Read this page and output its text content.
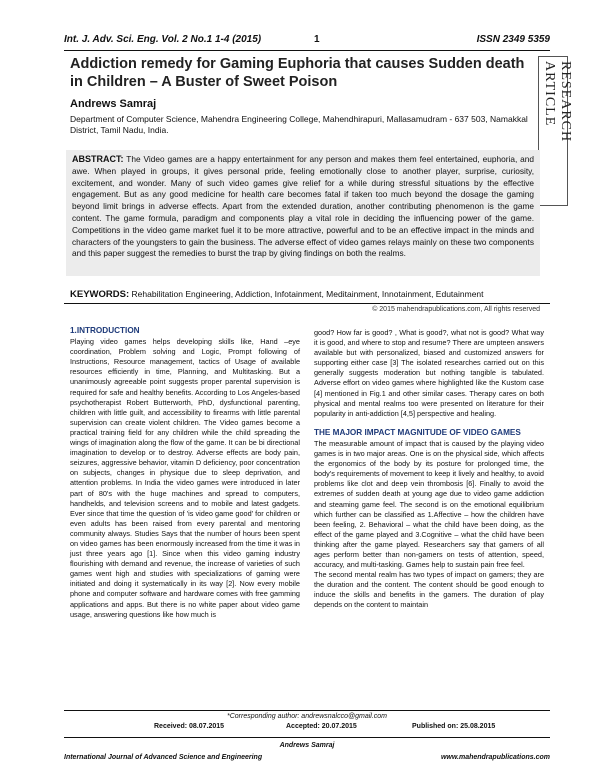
Int. J. Adv. Sci. Eng. Vol. 2 No.1 1-4 (2015)	1	ISSN 2349 5359
RESEARCH ARTICLE
Addiction remedy for Gaming Euphoria that causes Sudden death in Children – A Buster of Sweet Poison
Andrews Samraj
Department of Computer Science, Mahendra Engineering College, Mahendhirapuri, Mallasamudram - 637 503, Namakkal District, Tamil Nadu, India.
ABSTRACT: The Video games are a happy entertainment for any person and makes them feel entertained, euphoria, and awe. When played in groups, it gives personal pride, feeling emotionally close to another player, surprise, curiosity, excitement, and wonder. Many of such video games give relief for a while during stressful situations by the effective engagement. But as any good medicine for health care becomes fatal if taken too much beyond the dosage the gaming beyond limit brings in adverse effects. Apart from the extended duration, another contributing phenomenon is the game content. The game formula, paradigm and components play a vital role in deciding the influencing power of the game. Competitions in the video game market fuel it to be more attractive, powerful and to be an effective impact in the minds and characters of the youngsters to gain the business. The adverse effect of video games relays mainly on these two components and this paper suggest the remedies to burst the trap by giving findings on both the realms.
KEYWORDS: Rehabilitation Engineering, Addiction, Infotainment, Meditainment, Innotainment, Edutainment
© 2015 mahendrapublications.com, All rights reserved
1.INTRODUCTION

Playing video games helps developing skills like, Hand –eye coordination, Problem solving and Logic, Prompt following of Instructions, Resource management, tactics of Usage of available resources efficiently in time, Planning, and Multitasking. But a unanimously agreeable point suggests proper parental supervision is required for safe and healthy benefits. According to Los Angeles-based psychotherapist Robert Butterworth, PhD, dysfunctional parenting, children with little guilt, and accessibility to firearms with little parental supervision can create violent children. The Video games become a practical training field for any children while the child spreading the wings of imagination along the flow of the game. It can be bi directional imagination to develop or to destroy. Adverse effects are body pain, seizures, aggressive behavior, vitamin D deficiency, poor concentration on subjects, changes in physique due to sleep deprivation, and attention problems. In India the video games were introduced in later part of 80's with the huge machines and spread to computers, handhelds, and television screens and to mobile and latest gadgets. Ever since that time the question of 'is video game good' for children or even adults has been raised from every parental and mentoring community always. Studies Says that the number of hours been spent on video games has been enormously increased from the time it was in just three years ago [1]. Since when this video gaming industry flourishing with demand and revenue, the increase of varieties of such games went high and studies with specializations of gaming were initiated and doing it systematically in its way [2]. Now every mobile phone and computer software and hardware comes with free gamming applications and apps. But there is no white paper about video game usage, answering questions like how much is

good? How far is good? , What is good?, what not is good? What way it is good, and where to stop and resume? There are umpteen answers available but with personalized, biased and customized answers for supporting either case [3] The isolated researches carried out on this generally suggests moderation but nothing tangible is tabulated. Adverse effort on video games where highlighted like the Kustom case [4] mentioned in Fig.1 and other similar cases. Therapy cares on both physical and mental realms too were presented on literature for their popularity in anti-addiction [4,5] perspective and healing.

THE MAJOR IMPACT MAGNITUDE OF VIDEO GAMES

The measurable amount of impact that is caused by the playing video games is in two major areas. One is on the physical side, which affects the ergonomics of the body by its posture for prolonged time, the body's requirements of movement to keep it lively and healthy, to avoid problems like clot and deep vein thrombosis [6]. Finally to avoid the extremes of sudden death at young age due to video game addiction and steaming game feel. The second is on the emotional equilibrium which further can be classified as 1.Affective – how the children have been feeling, 2. Behavioral – what the child have been doing, as the effect of the game played and 3.Cognitive – what the child have been thinking after the game played. Researchers say that gamers of all ages perform better than non-gamers on tests of attention, speed, accuracy, and multi-tasking. Games help to sustain pain free feel.

The second mental realm has two types of impact on gamers; they are the duration and the content. The content should be good enough to induce the skills and benefits in the gamers. The duration of play depends on the content to maintain

*Corresponding author: andrewsnalcco@gmail.com
Received: 08.07.2015	Accepted: 20.07.2015	Published on: 25.08.2015
Andrews Samraj
International Journal of Advanced Science and Engineering	www.mahendrapublications.com
